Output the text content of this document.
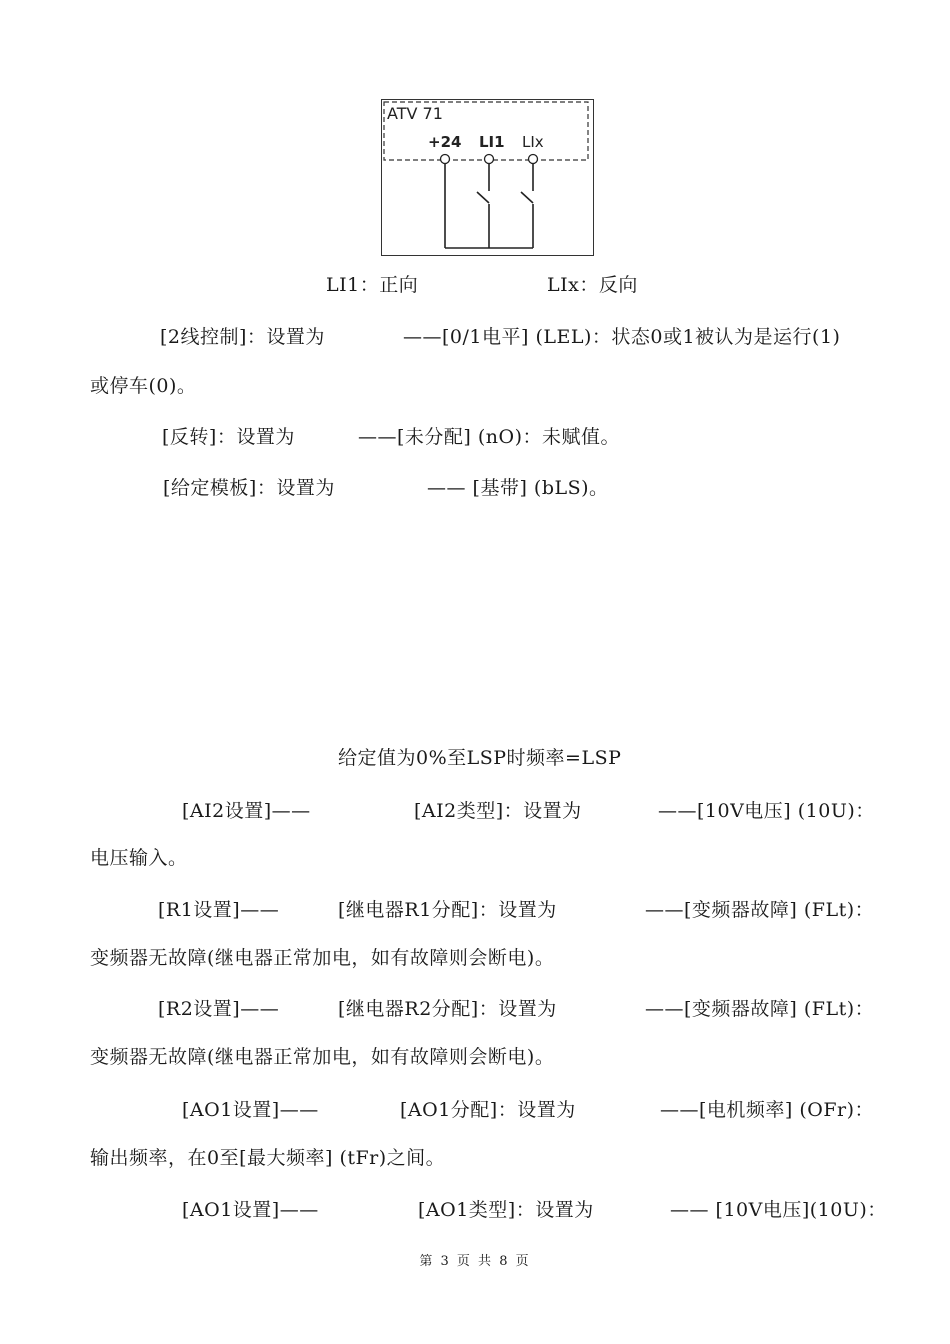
ATV 71
+24 LI1 LIx
LI1：正向	LIx：反向
[2线控制]：设置为	——[0/1电平] (LEL)：状态0或1被认为是运行(1)
或停车(0)。
[反转]：设置为	——[未分配] (nO)：未赋值。
[给定模板]：设置为	—— [基带] (bLS)。
给定值为0%至LSP时频率=LSP
[AI2设置]——	[AI2类型]：设置为	——[10V电压] (10U)：
电压输入。
[R1设置]——	[继电器R1分配]：设置为	——[变频器故障] (FLt)：
变频器无故障(继电器正常加电，如有故障则会断电)。
[R2设置]——	[继电器R2分配]：设置为	——[变频器故障] (FLt)：
变频器无故障(继电器正常加电，如有故障则会断电)。
[AO1设置]——	[AO1分配]：设置为	——[电机频率] (OFr)：
输出频率，在0至[最大频率] (tFr)之间。
[AO1设置]——	[AO1类型]：设置为	—— [10V电压](10U)：
第 3 页 共 8 页
